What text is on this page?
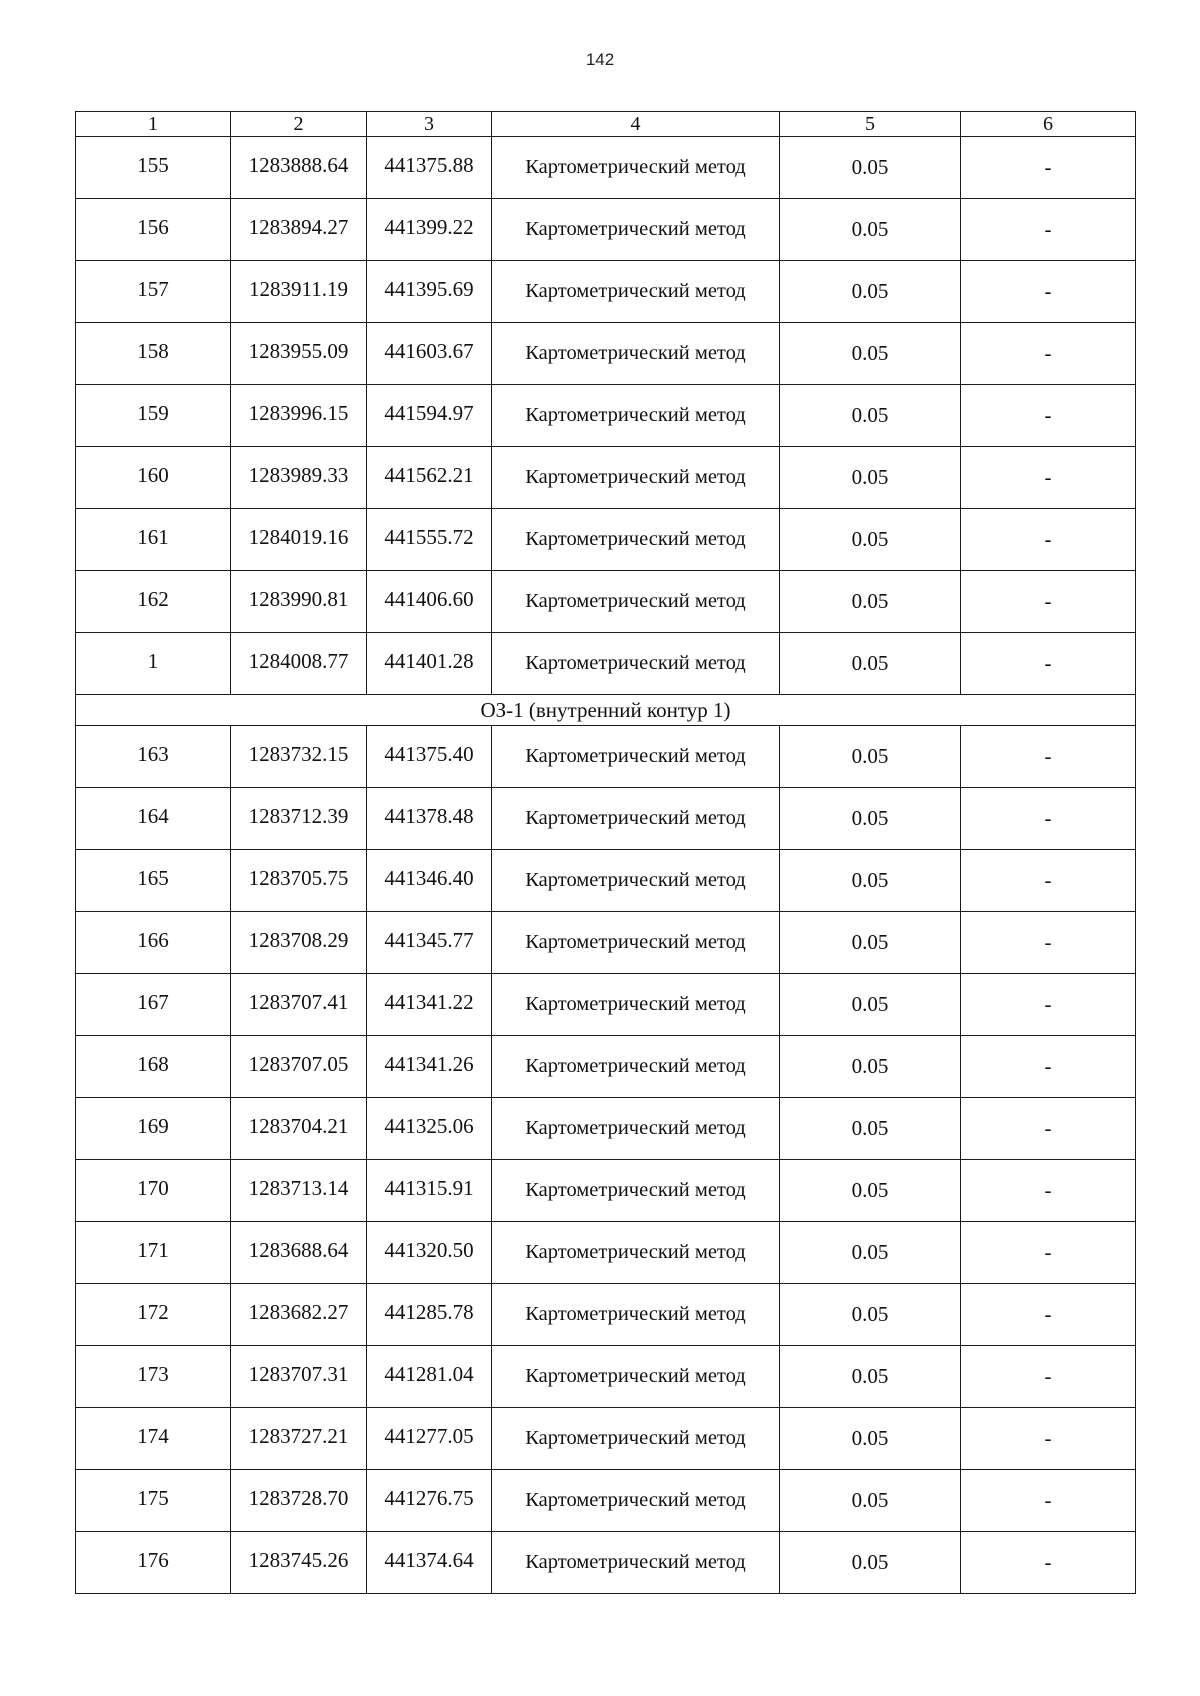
142
1	2	3	4	5	6
155	1283888.64	441375.88	Картометрический метод	0.05	-
156	1283894.27	441399.22	Картометрический метод	0.05	-
157	1283911.19	441395.69	Картометрический метод	0.05	-
158	1283955.09	441603.67	Картометрический метод	0.05	-
159	1283996.15	441594.97	Картометрический метод	0.05	-
160	1283989.33	441562.21	Картометрический метод	0.05	-
161	1284019.16	441555.72	Картометрический метод	0.05	-
162	1283990.81	441406.60	Картометрический метод	0.05	-
1	1284008.77	441401.28	Картометрический метод	0.05	-
ОЗ-1 (внутренний контур 1)					
163	1283732.15	441375.40	Картометрический метод	0.05	-
164	1283712.39	441378.48	Картометрический метод	0.05	-
165	1283705.75	441346.40	Картометрический метод	0.05	-
166	1283708.29	441345.77	Картометрический метод	0.05	-
167	1283707.41	441341.22	Картометрический метод	0.05	-
168	1283707.05	441341.26	Картометрический метод	0.05	-
169	1283704.21	441325.06	Картометрический метод	0.05	-
170	1283713.14	441315.91	Картометрический метод	0.05	-
171	1283688.64	441320.50	Картометрический метод	0.05	-
172	1283682.27	441285.78	Картометрический метод	0.05	-
173	1283707.31	441281.04	Картометрический метод	0.05	-
174	1283727.21	441277.05	Картометрический метод	0.05	-
175	1283728.70	441276.75	Картометрический метод	0.05	-
176	1283745.26	441374.64	Картометрический метод	0.05	-
